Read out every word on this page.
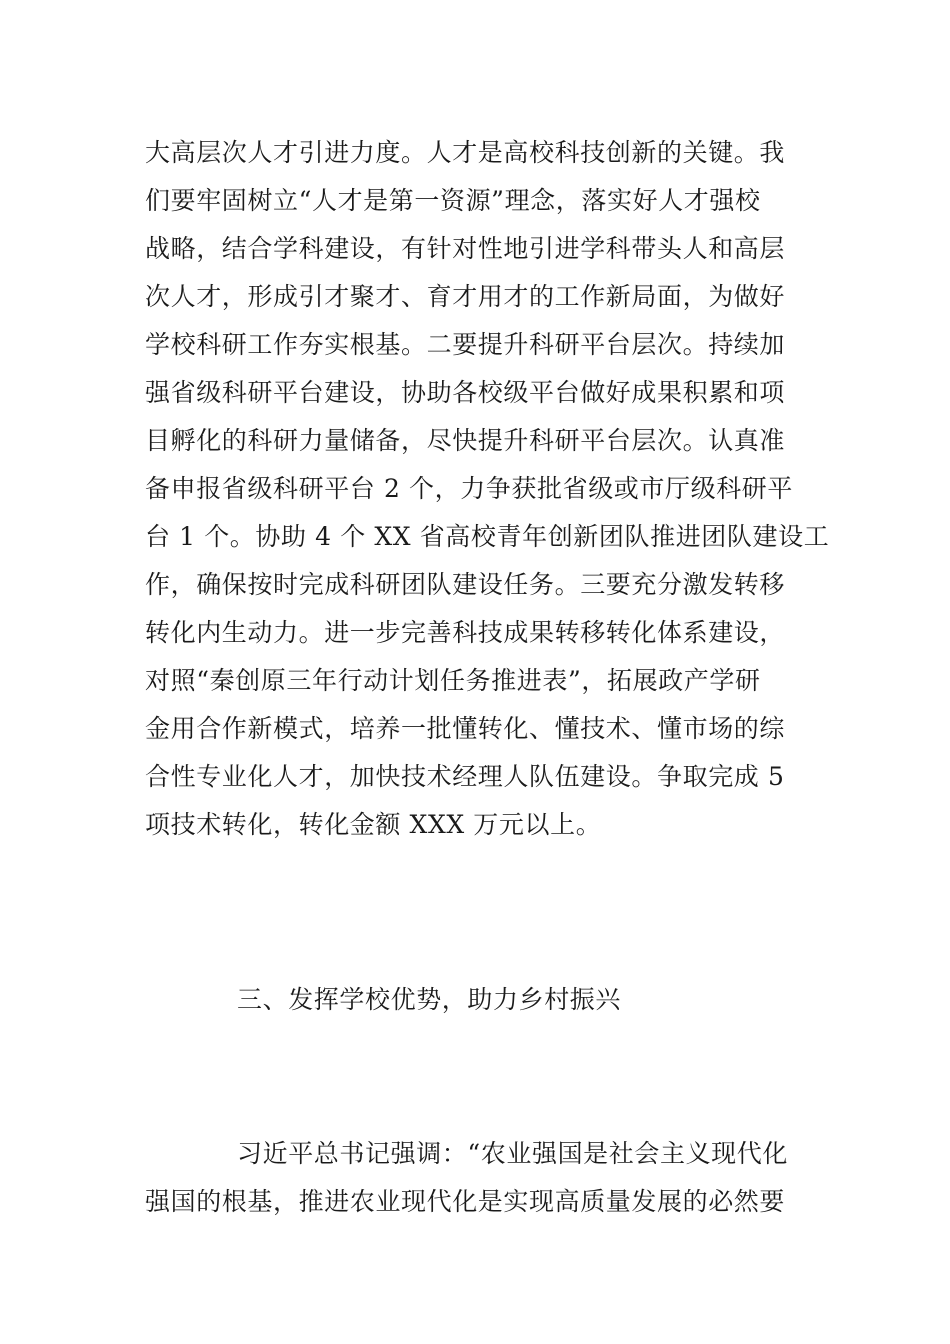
大高层次人才引进力度。人才是高校科技创新的关键。我
们要牢固树立“人才是第一资源”理念，落实好人才强校
战略，结合学科建设，有针对性地引进学科带头人和高层
次人才，形成引才聚才、育才用才的工作新局面，为做好
学校科研工作夯实根基。二要提升科研平台层次。持续加
强省级科研平台建设，协助各校级平台做好成果积累和项
目孵化的科研力量储备，尽快提升科研平台层次。认真准
备申报省级科研平台 2 个，力争获批省级或市厅级科研平
台 1 个。协助 4 个 XX 省高校青年创新团队推进团队建设工
作，确保按时完成科研团队建设任务。三要充分激发转移
转化内生动力。进一步完善科技成果转移转化体系建设，
对照“秦创原三年行动计划任务推进表”，拓展政产学研
金用合作新模式，培养一批懂转化、懂技术、懂市场的综
合性专业化人才，加快技术经理人队伍建设。争取完成 5
项技术转化，转化金额 XXX 万元以上。
三、发挥学校优势，助力乡村振兴
习近平总书记强调：“农业强国是社会主义现代化
强国的根基，推进农业现代化是实现高质量发展的必然要
